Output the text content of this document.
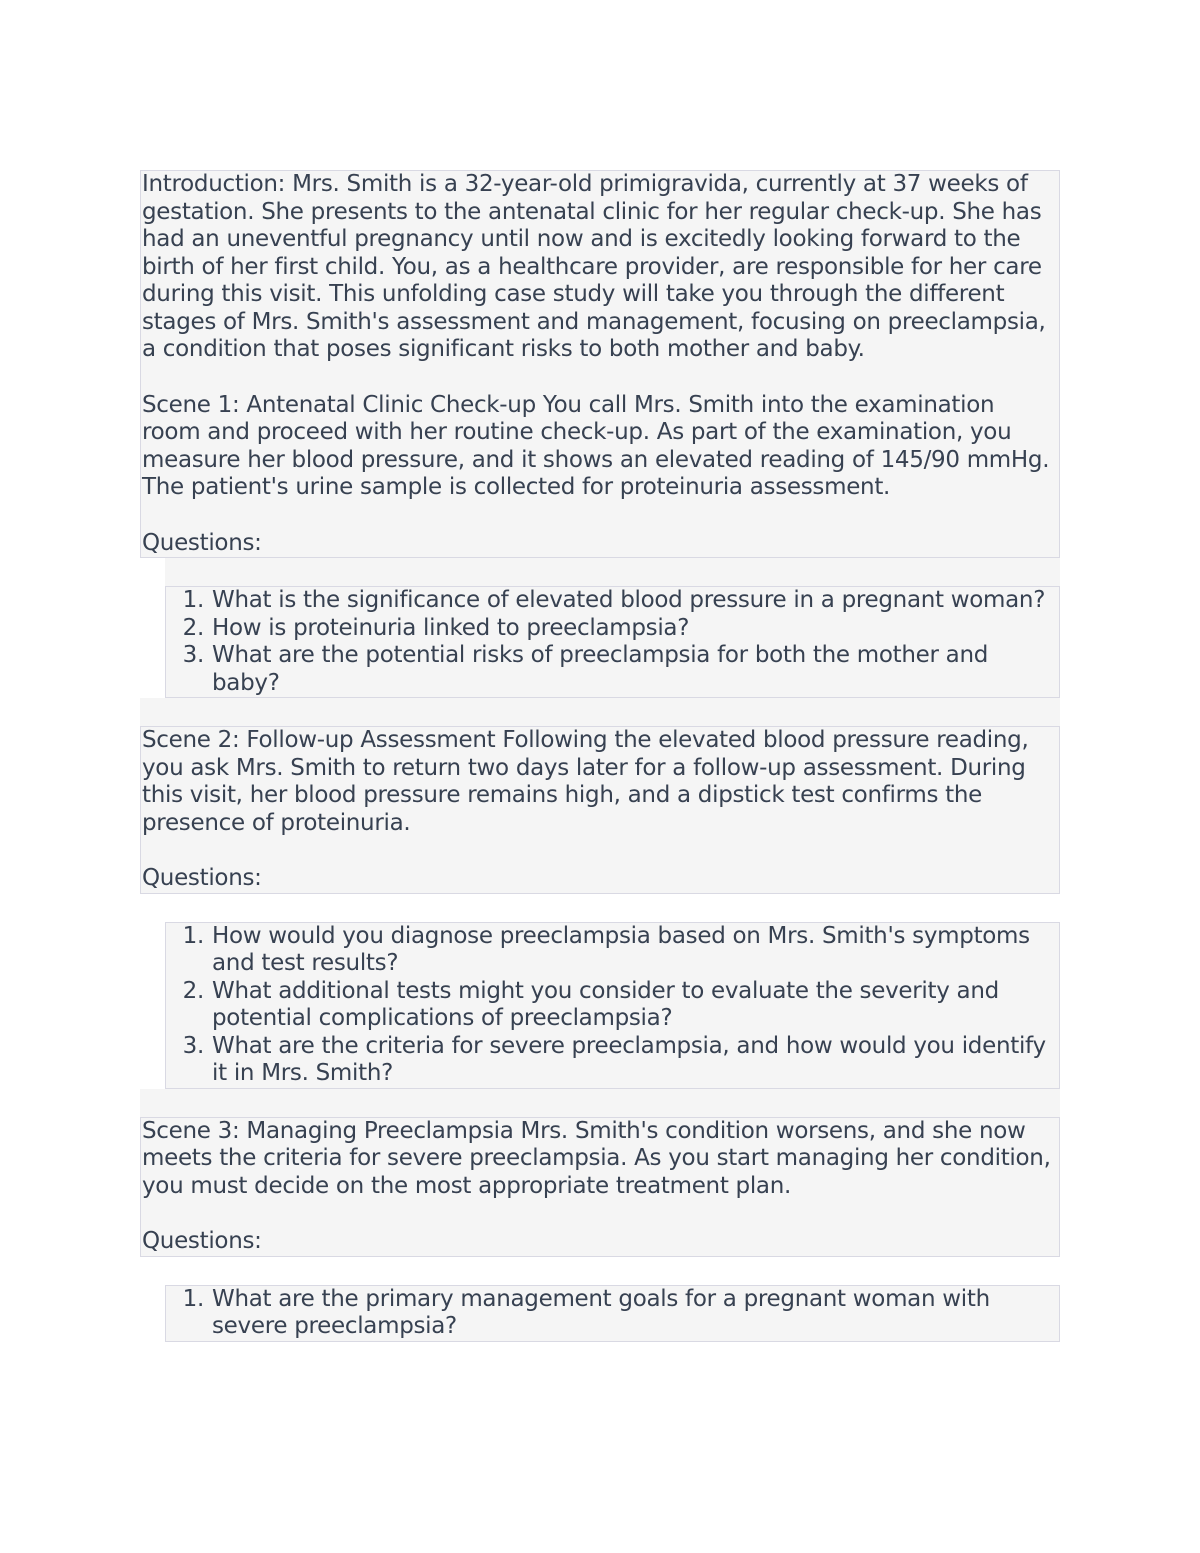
Introduction: Mrs. Smith is a 32-year-old primigravida, currently at 37 weeks of gestation. She presents to the antenatal clinic for her regular check-up. She has had an uneventful pregnancy until now and is excitedly looking forward to the birth of her first child. You, as a healthcare provider, are responsible for her care during this visit. This unfolding case study will take you through the different stages of Mrs. Smith's assessment and management, focusing on preeclampsia, a condition that poses significant risks to both mother and baby.

Scene 1: Antenatal Clinic Check-up You call Mrs. Smith into the examination room and proceed with her routine check-up. As part of the examination, you measure her blood pressure, and it shows an elevated reading of 145/90 mmHg. The patient's urine sample is collected for proteinuria assessment.

Questions:

What is the significance of elevated blood pressure in a pregnant woman?
How is proteinuria linked to preeclampsia?
What are the potential risks of preeclampsia for both the mother and baby?

Scene 2: Follow-up Assessment Following the elevated blood pressure reading, you ask Mrs. Smith to return two days later for a follow-up assessment. During this visit, her blood pressure remains high, and a dipstick test confirms the presence of proteinuria.

Questions:

How would you diagnose preeclampsia based on Mrs. Smith's symptoms and test results?
What additional tests might you consider to evaluate the severity and potential complications of preeclampsia?
What are the criteria for severe preeclampsia, and how would you identify it in Mrs. Smith?

Scene 3: Managing Preeclampsia Mrs. Smith's condition worsens, and she now meets the criteria for severe preeclampsia. As you start managing her condition, you must decide on the most appropriate treatment plan.

Questions:

What are the primary management goals for a pregnant woman with severe preeclampsia?
